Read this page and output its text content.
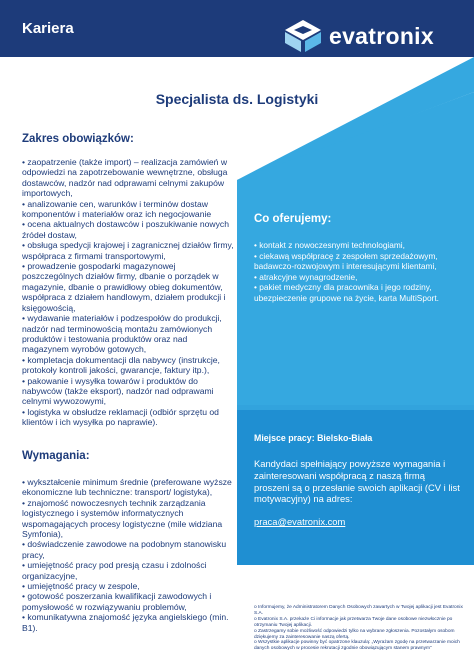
Kariera	evatronix
Specjalista ds. Logistyki
Zakres obowiązków:
• zaopatrzenie (także import) – realizacja zamówień w odpowiedzi na zapotrzebowanie wewnętrzne, obsługa dostawców, nadzór nad odprawami celnymi zakupów importowych,
• analizowanie cen, warunków i terminów dostaw komponentów i materiałów oraz ich negocjowanie
• ocena aktualnych dostawców i poszukiwanie nowych źródeł dostaw,
• obsługa spedycji krajowej i zagranicznej działów firmy, współpraca z firmami transportowymi,
• prowadzenie gospodarki magazynowej poszczególnych działów firmy, dbanie o porządek w magazynie, dbanie o prawidłowy obieg dokumentów, współpraca z działem handlowym, działem produkcji i księgowością,
• wydawanie materiałów i podzespołów do produkcji, nadzór nad terminowością montażu zamówionych produktów i testowania produktów oraz nad magazynem wyrobów gotowych,
• kompletacja dokumentacji dla nabywcy (instrukcje, protokoły kontroli jakości, gwarancje, faktury itp.),
• pakowanie i wysyłka towarów i produktów do nabywców (także eksport), nadzór nad odprawami celnymi wywozowymi,
• logistyka w obsłudze reklamacji (odbiór sprzętu od klientów i ich wysyłka po naprawie).
Wymagania:
• wykształcenie minimum średnie (preferowane wyższe ekonomiczne lub techniczne: transport/ logistyka),
• znajomość nowoczesnych technik zarządzania logistycznego i systemów informatycznych wspomagających procesy logistyczne (mile widziana Symfonia),
• doświadczenie zawodowe na podobnym stanowisku pracy,
• umiejętność pracy pod presją czasu i zdolności organizacyjne,
• umiejętność pracy w zespole,
• gotowość poszerzania kwalifikacji zawodowych i pomysłowość w rozwiązywaniu problemów,
• komunikatywna znajomość języka angielskiego (min. B1).
Co oferujemy:
• kontakt z nowoczesnymi technologiami,
• ciekawą współpracę z zespołem sprzedażowym, badawczo-rozwojowym i interesującymi klientami,
• atrakcyjne wynagrodzenie,
• pakiet medyczny dla pracownika i jego rodziny, ubezpieczenie grupowe na życie, karta MultiSport.
Miejsce pracy: Bielsko-Biała
Kandydaci spełniający powyższe wymagania i zainteresowani współpracą z naszą firmą proszeni są o przesłanie swoich aplikacji (CV i list motywacyjny) na adres:
praca@evatronix.com
o Informujemy, że Administratorem Danych Osobowych zawartych w Twojej aplikacji jest Evatronix S.A.
o Evatronix S.A. przekaże Ci informacje jak przetwarza Twoje dane osobowe niezwłocznie po otrzymaniu Twojej aplikacji.
o Zastrzegamy sobie możliwość odpowiedzi tylko na wybrane zgłoszenia. Pozostałym osobom dziękujemy za zainteresowanie naszą ofertą.
o Wszystkie aplikacje powinny być opatrzone klauzulą: „Wyrażam zgodę na przetwarzanie moich danych osobowych w procesie rekrutacji zgodnie obowiązującym stanem prawnym”
